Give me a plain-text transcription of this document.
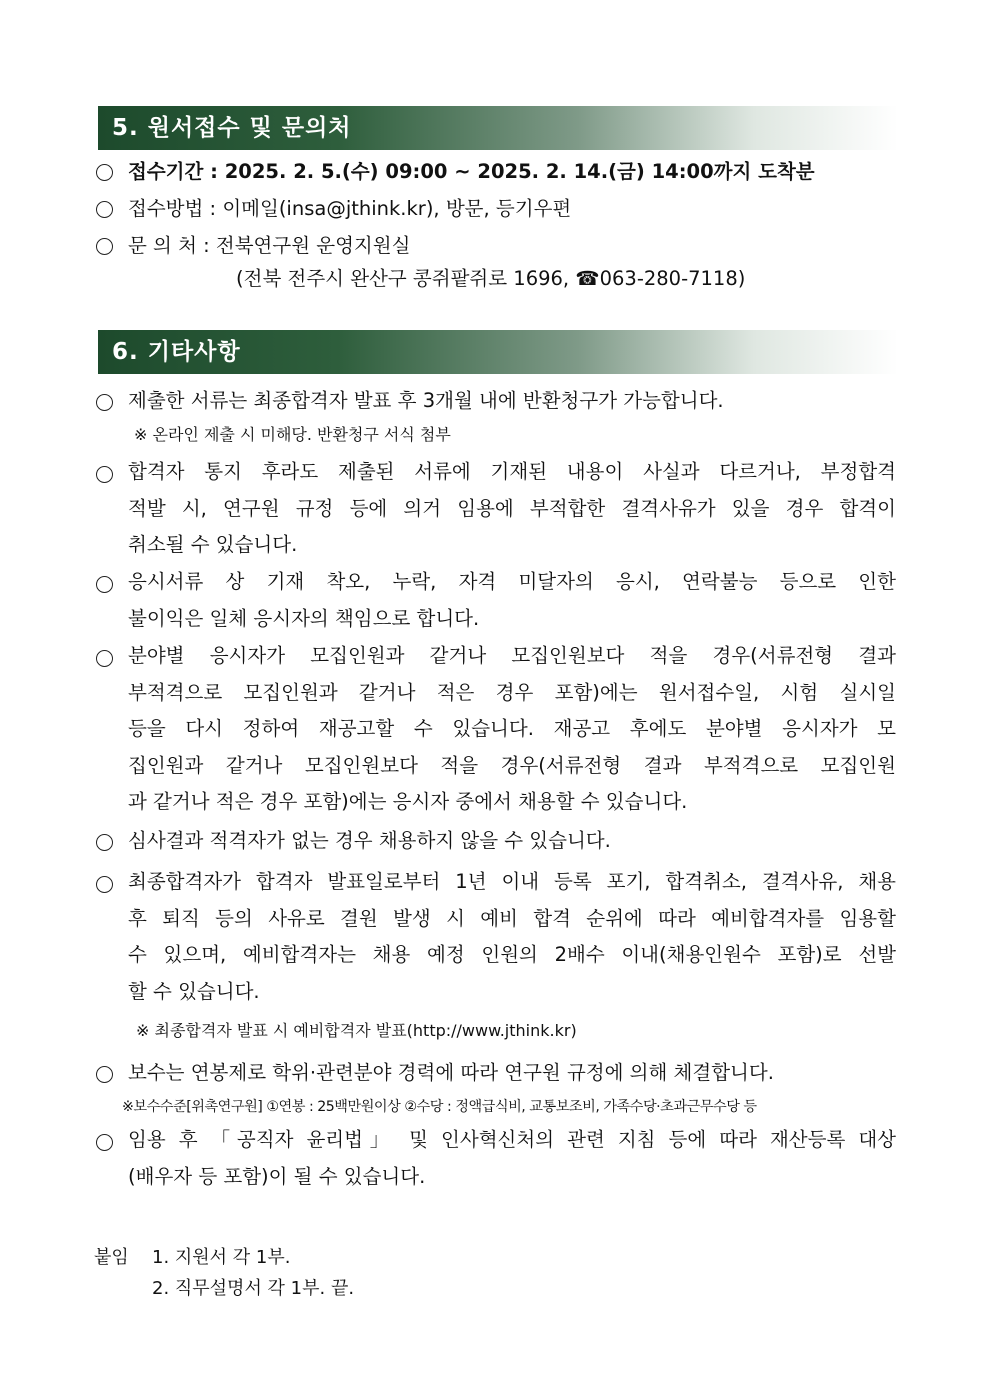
5. 원서접수 및 문의처
접수기간 : 2025. 2. 5.(수) 09:00 ~ 2025. 2. 14.(금) 14:00까지 도착분
접수방법 : 이메일(insa@jthink.kr), 방문, 등기우편
문 의 처 : 전북연구원 운영지원실
(전북 전주시 완산구 콩쥐팥쥐로 1696, ☎063-280-7118)
6. 기타사항
제출한 서류는 최종합격자 발표 후 3개월 내에 반환청구가 가능합니다.
※ 온라인 제출 시 미해당. 반환청구 서식 첨부
합격자 통지 후라도 제출된 서류에 기재된 내용이 사실과 다르거나, 부정합격
적발 시, 연구원 규정 등에 의거 임용에 부적합한 결격사유가 있을 경우 합격이
취소될 수 있습니다.
응시서류 상 기재 착오, 누락, 자격 미달자의 응시, 연락불능 등으로 인한
불이익은 일체 응시자의 책임으로 합니다.
분야별 응시자가 모집인원과 같거나 모집인원보다 적을 경우(서류전형 결과
부적격으로 모집인원과 같거나 적은 경우 포함)에는 원서접수일, 시험 실시일
등을 다시 정하여 재공고할 수 있습니다. 재공고 후에도 분야별 응시자가 모
집인원과 같거나 모집인원보다 적을 경우(서류전형 결과 부적격으로 모집인원
과 같거나 적은 경우 포함)에는 응시자 중에서 채용할 수 있습니다.
심사결과 적격자가 없는 경우 채용하지 않을 수 있습니다.
최종합격자가 합격자 발표일로부터 1년 이내 등록 포기, 합격취소, 결격사유, 채용
후 퇴직 등의 사유로 결원 발생 시 예비 합격 순위에 따라 예비합격자를 임용할
수 있으며, 예비합격자는 채용 예정 인원의 2배수 이내(채용인원수 포함)로 선발
할 수 있습니다.
※ 최종합격자 발표 시 예비합격자 발표(http://www.jthink.kr)
보수는 연봉제로 학위·관련분야 경력에 따라 연구원 규정에 의해 체결합니다.
※보수수준[위촉연구원] ①연봉 : 25백만원이상 ②수당 : 정액급식비, 교통보조비, 가족수당·초과근무수당 등
임용 후 「공직자 윤리법」 및 인사혁신처의 관련 지침 등에 따라 재산등록 대상
(배우자 등 포함)이 될 수 있습니다.
붙임 1. 지원서 각 1부.
2. 직무설명서 각 1부. 끝.
